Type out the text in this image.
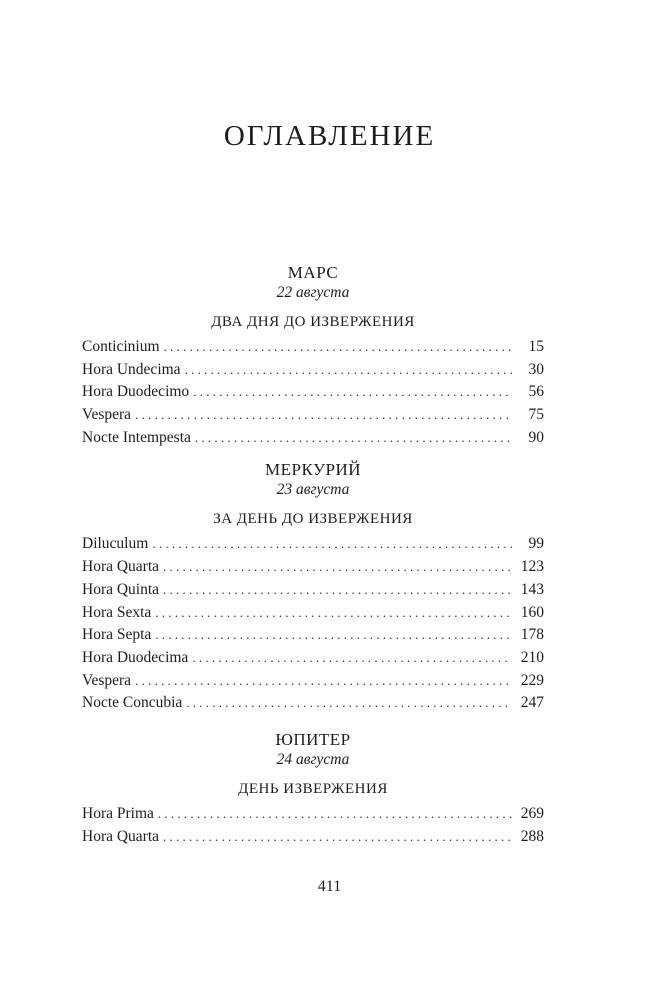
ОГЛАВЛЕНИЕ
МАРС
22 августа
ДВА ДНЯ ДО ИЗВЕРЖЕНИЯ
Conticinium . . .	15
Hora Undecima . . .	30
Hora Duodecimo . . .	56
Vespera . . .	75
Nocte Intempesta . . .	90
МЕРКУРИЙ
23 августа
ЗА ДЕНЬ ДО ИЗВЕРЖЕНИЯ
Diluculum . . .	99
Hora Quarta . . .	123
Hora Quinta . . .	143
Hora Sexta . . .	160
Hora Septa . . .	178
Hora Duodecima . . .	210
Vespera . . .	229
Nocte Concubia . . .	247
ЮПИТЕР
24 августа
ДЕНЬ ИЗВЕРЖЕНИЯ
Hora Prima . . .	269
Hora Quarta . . .	288
411
